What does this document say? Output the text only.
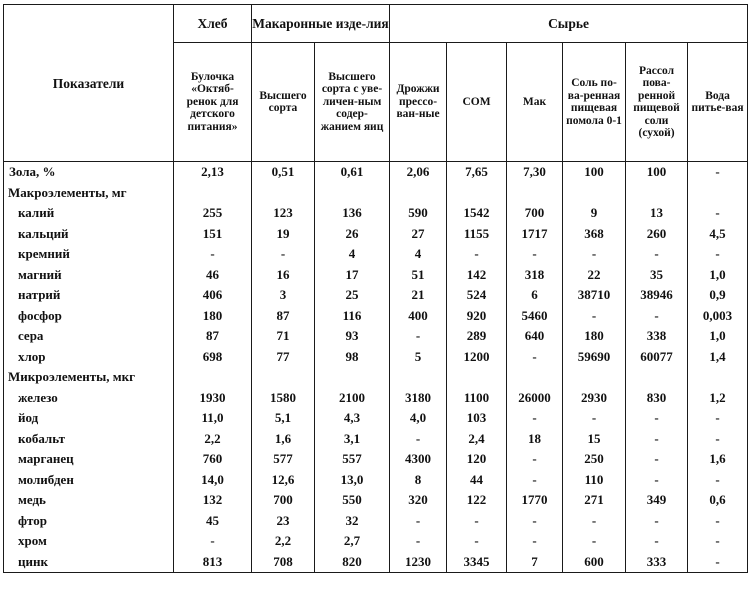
Показатели	Хлеб	Макаронные изде-лия		Сырье					
	Булочка «Октяб-ренок для детского питания»	Высшего сорта	Высшего сорта с уве-личен-ным содер-жанием яиц	Дрожжи прессо-ван-ные	СОМ	Мак	Соль по-ва-ренная пищевая помола 0-1	Рассол пова-ренной пищевой соли (сухой)	Вода питье-вая
Зола, %	2,13	0,51	0,61	2,06	7,65	7,30	100	100	-
Макроэлементы, мг									
калий	255	123	136	590	1542	700	9	13	-
кальций	151	19	26	27	1155	1717	368	260	4,5
кремний	-	-	4	4	-	-	-	-	-
магний	46	16	17	51	142	318	22	35	1,0
натрий	406	3	25	21	524	6	38710	38946	0,9
фосфор	180	87	116	400	920	5460	-	-	0,003
сера	87	71	93	-	289	640	180	338	1,0
хлор	698	77	98	5	1200	-	59690	60077	1,4
Микроэлементы, мкг									
железо	1930	1580	2100	3180	1100	26000	2930	830	1,2
йод	11,0	5,1	4,3	4,0	103	-	-	-	-
кобальт	2,2	1,6	3,1	-	2,4	18	15	-	-
марганец	760	577	557	4300	120	-	250	-	1,6
молибден	14,0	12,6	13,0	8	44	-	110	-	-
медь	132	700	550	320	122	1770	271	349	0,6
фтор	45	23	32	-	-	-	-	-	-
хром	-	2,2	2,7	-	-	-	-	-	-
цинк	813	708	820	1230	3345	7	600	333	-
